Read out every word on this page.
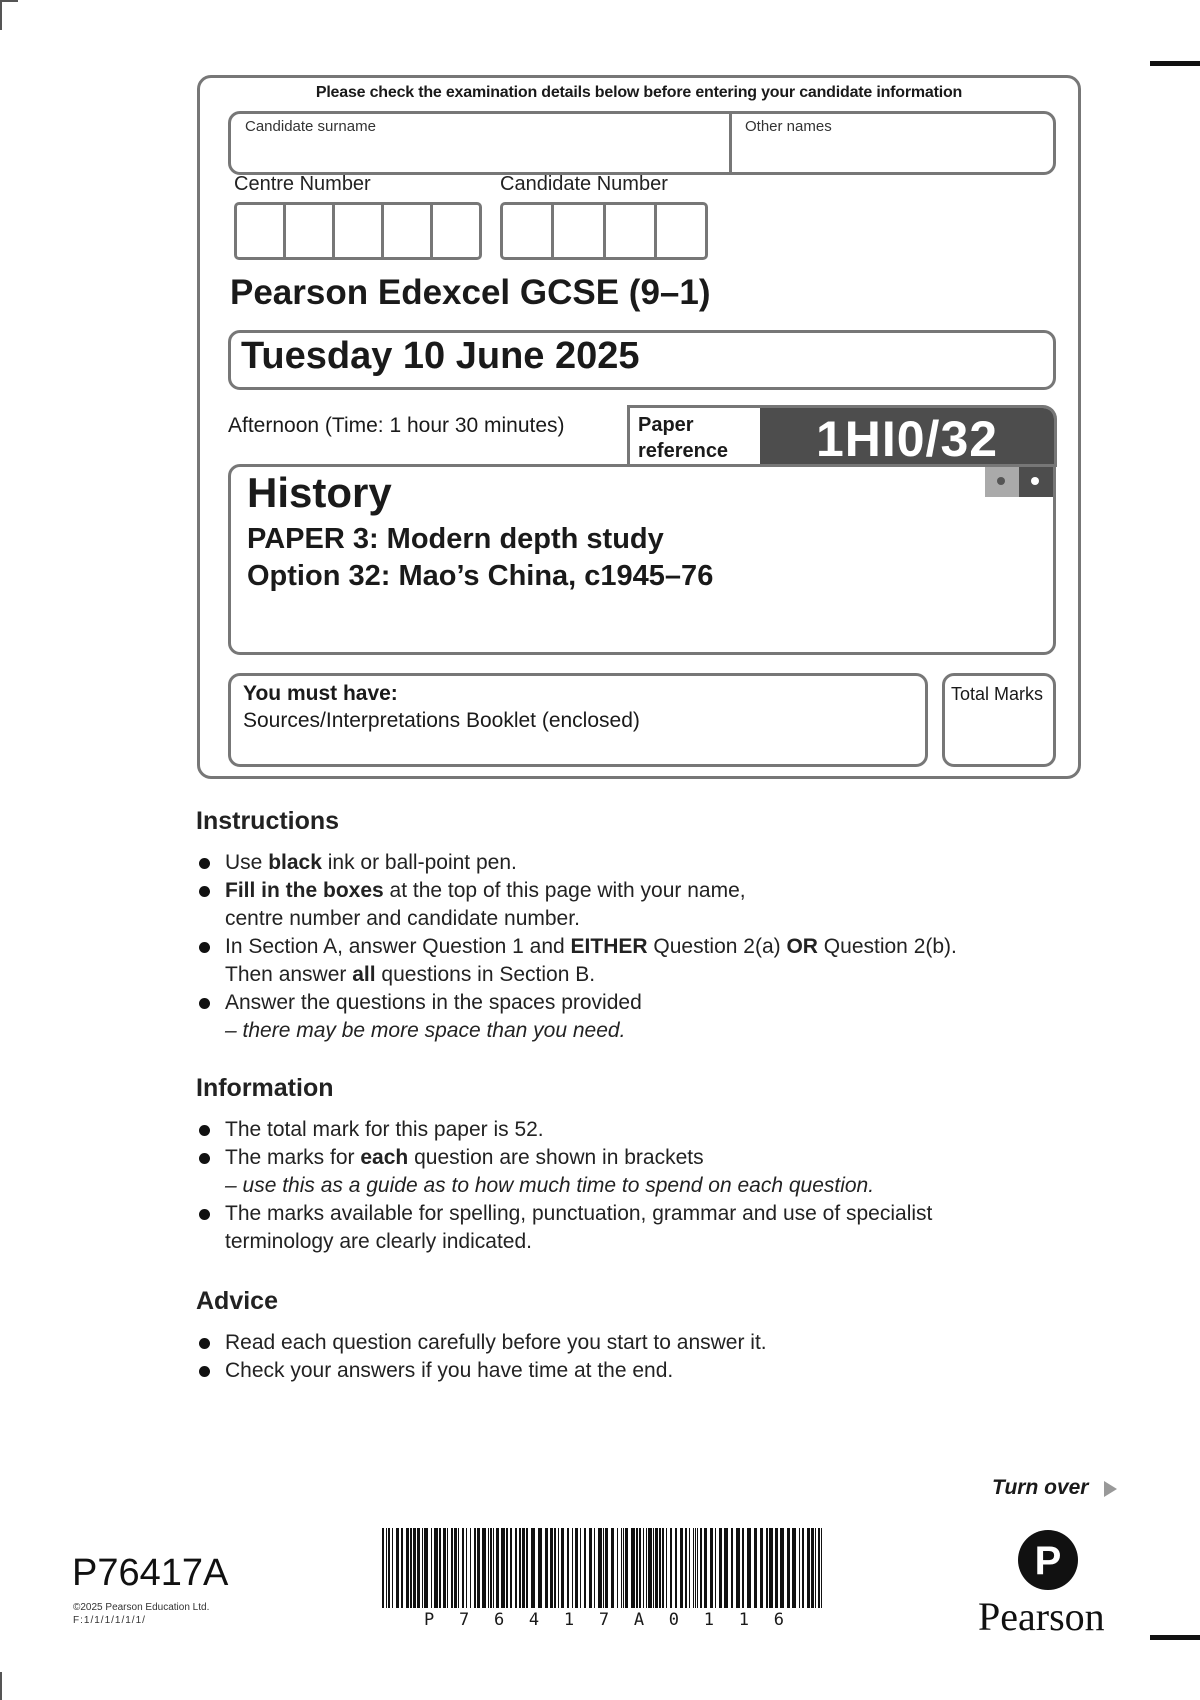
Please check the examination details below before entering your candidate information
Candidate surname	Other names
Centre Number	Candidate Number
Pearson Edexcel GCSE (9–1)
Tuesday 10 June 2025
Afternoon (Time: 1 hour 30 minutes)	Paper
reference	1HI0/32
History
PAPER 3: Modern depth study
Option 32: Mao’s China, c1945–76
You must have:
Sources/Interpretations Booklet (enclosed)
Total Marks
Instructions
Use black ink or ball-point pen.
Fill in the boxes at the top of this page with your name,
centre number and candidate number.
In Section A, answer Question 1 and EITHER Question 2(a) OR Question 2(b).
Then answer all questions in Section B.
Answer the questions in the spaces provided
– there may be more space than you need.
Information
The total mark for this paper is 52.
The marks for each question are shown in brackets
– use this as a guide as to how much time to spend on each question.
The marks available for spelling, punctuation, grammar and use of specialist
terminology are clearly indicated.
Advice
Read each question carefully before you start to answer it.
Check your answers if you have time at the end.
Turn over
P76417A
©2025 Pearson Education Ltd.
F:1/1/1/1/1/1/	P 7 6 4 1 7 A 0 1 1 6
P
Pearson
